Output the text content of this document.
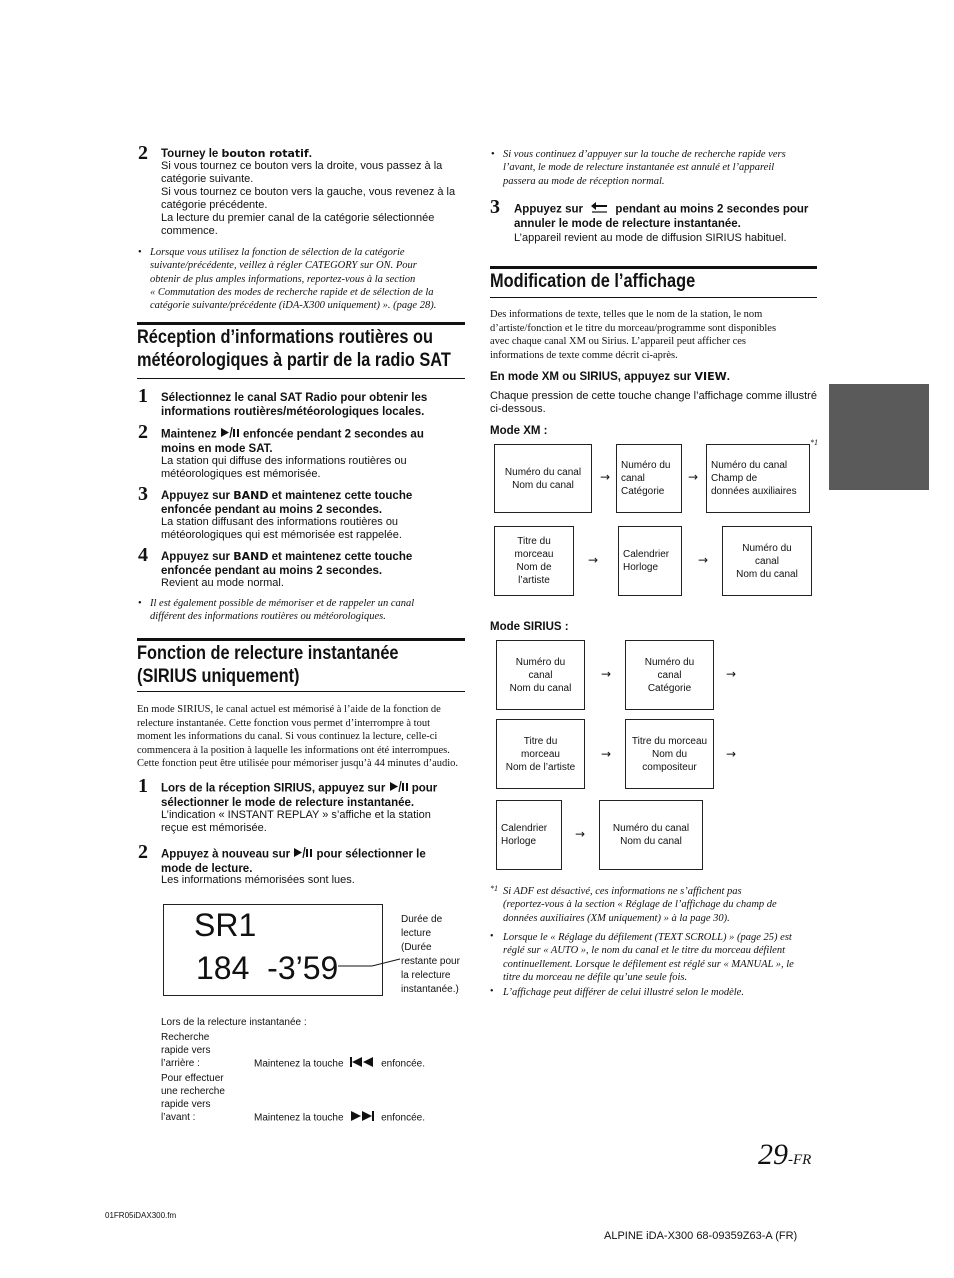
2 Tourney le bouton rotatif.
Si vous tournez ce bouton vers la droite, vous passez à la
catégorie suivante.
Si vous tournez ce bouton vers la gauche, vous revenez à la
catégorie précédente.
La lecture du premier canal de la catégorie sélectionnée
commence.
• Lorsque vous utilisez la fonction de sélection de la catégorie
suivante/précédente, veillez à régler CATEGORY sur ON. Pour
obtenir de plus amples informations, reportez-vous à la section
« Commutation des modes de recherche rapide et de sélection de la
catégorie suivante/précédente (iDA-X300 uniquement) ». (page 28).
Réception d’informations routières ou
météorologiques à partir de la radio SAT
1 Sélectionnez le canal SAT Radio pour obtenir les
informations routières/météorologiques locales.
2 Maintenez  enfoncée pendant 2 secondes au
moins en mode SAT.
La station qui diffuse des informations routières ou
météorologiques est mémorisée.
3 Appuyez sur BAND et maintenez cette touche
enfoncée pendant au moins 2 secondes.
La station diffusant des informations routières ou
météorologiques qui est mémorisée est rappelée.
4 Appuyez sur BAND et maintenez cette touche
enfoncée pendant au moins 2 secondes.
Revient au mode normal.
• Il est également possible de mémoriser et de rappeler un canal
différent des informations routières ou météorologiques.
Fonction de relecture instantanée
(SIRIUS uniquement)
En mode SIRIUS, le canal actuel est mémorisé à l’aide de la fonction de
relecture instantanée. Cette fonction vous permet d’interrompre à tout
moment les informations du canal. Si vous continuez la lecture, celle-ci
commencera à la position à laquelle les informations ont été interrompues.
Cette fonction peut être utilisée pour mémoriser jusqu’à 44 minutes d’audio.
1 Lors de la réception SIRIUS, appuyez sur  pour
sélectionner le mode de relecture instantanée.
L’indication « INSTANT REPLAY » s’affiche et la station
reçue est mémorisée.
2 Appuyez à nouveau sur  pour sélectionner le
mode de lecture.
Les informations mémorisées sont lues.
SR1
184  -3’59
Durée de
lecture
(Durée
restante pour
la relecture
instantanée.)
Lors de la relecture instantanée :
Recherche
rapide vers
l’arrière :	Maintenez la touche	enfoncée.
Pour effectuer
une recherche
rapide vers
l’avant :	Maintenez la touche	enfoncée.
01FR05iDAX300.fm
• Si vous continuez d’appuyer sur la touche de recherche rapide vers
l’avant, le mode de relecture instantanée est annulé et l’appareil
passera au mode de réception normal.
3 Appuyez sur  pendant au moins 2 secondes pour
annuler le mode de relecture instantanée.
L’appareil revient au mode de diffusion SIRIUS habituel.
Modification de l’affichage
Des informations de texte, telles que le nom de la station, le nom
d’artiste/fonction et le titre du morceau/programme sont disponibles
avec chaque canal XM ou Sirius. L’appareil peut afficher ces
informations de texte comme décrit ci-après.
En mode XM ou SIRIUS, appuyez sur VIEW.
Chaque pression de cette touche change l’affichage comme illustré
ci-dessous.
Mode XM :
*1
Numéro du canal
Nom du canal
→
Numéro du
canal
Catégorie
→
Numéro du canal
Champ de
données auxiliaires
Titre du
morceau
Nom de
l’artiste
→ Calendrier
Horloge
→
Numéro du
canal
Nom du canal
Mode SIRIUS :
Numéro du
canal
Nom du canal
→
Numéro du
canal
Catégorie
→
Titre du
morceau
Nom de l’artiste
→
Titre du morceau
Nom du
compositeur
→
Calendrier
Horloge
→	Numéro du canal
Nom du canal
*1 Si ADF est désactivé, ces informations ne s’affichent pas
(reportez-vous à la section « Réglage de l’affichage du champ de
données auxiliaires (XM uniquement) » à la page 30).
• Lorsque le « Réglage du défilement (TEXT SCROLL) » (page 25) est
réglé sur « AUTO », le nom du canal et le titre du morceau défilent
continuellement. Lorsque le défilement est réglé sur « MANUAL », le
titre du morceau ne défile qu’une seule fois.
• L’affichage peut différer de celui illustré selon le modèle.
29-FR
ALPINE iDA-X300 68-09359Z63-A (FR)
